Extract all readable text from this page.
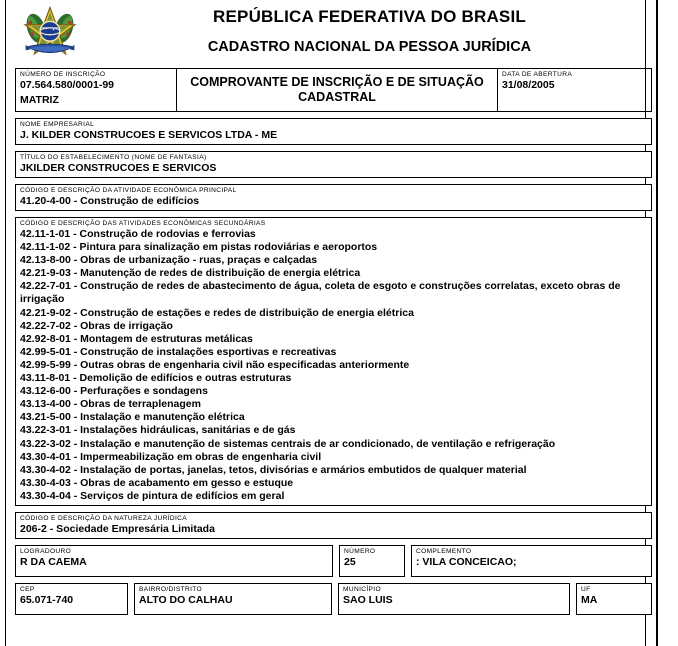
REPÚBLICA FEDERATIVA DO BRASIL
CADASTRO NACIONAL DA PESSOA JURÍDICA
NÚMERO DE INSCRIÇÃO
07.564.580/0001-99
MATRIZ
COMPROVANTE DE INSCRIÇÃO E DE SITUAÇÃO CADASTRAL
DATA DE ABERTURA
31/08/2005
NOME EMPRESARIAL
J. KILDER CONSTRUCOES E SERVICOS LTDA - ME
TÍTULO DO ESTABELECIMENTO (NOME DE FANTASIA)
JKILDER CONSTRUCOES E SERVICOS
CÓDIGO E DESCRIÇÃO DA ATIVIDADE ECONÔMICA PRINCIPAL
41.20-4-00 - Construção de edifícios
CÓDIGO E DESCRIÇÃO DAS ATIVIDADES ECONÔMICAS SECUNDÁRIAS
42.11-1-01 - Construção de rodovias e ferrovias
42.11-1-02 - Pintura para sinalização em pistas rodoviárias e aeroportos
42.13-8-00 - Obras de urbanização - ruas, praças e calçadas
42.21-9-03 - Manutenção de redes de distribuição de energia elétrica
42.22-7-01 - Construção de redes de abastecimento de água, coleta de esgoto e construções correlatas, exceto obras de irrigação
42.21-9-02 - Construção de estações e redes de distribuição de energia elétrica
42.22-7-02 - Obras de irrigação
42.92-8-01 - Montagem de estruturas metálicas
42.99-5-01 - Construção de instalações esportivas e recreativas
42.99-5-99 - Outras obras de engenharia civil não especificadas anteriormente
43.11-8-01 - Demolição de edifícios e outras estruturas
43.12-6-00 - Perfurações e sondagens
43.13-4-00 - Obras de terraplenagem
43.21-5-00 - Instalação e manutenção elétrica
43.22-3-01 - Instalações hidráulicas, sanitárias e de gás
43.22-3-02 - Instalação e manutenção de sistemas centrais de ar condicionado, de ventilação e refrigeração
43.30-4-01 - Impermeabilização em obras de engenharia civil
43.30-4-02 - Instalação de portas, janelas, tetos, divisórias e armários embutidos de qualquer material
43.30-4-03 - Obras de acabamento em gesso e estuque
43.30-4-04 - Serviços de pintura de edifícios em geral
CÓDIGO E DESCRIÇÃO DA NATUREZA JURÍDICA
206-2 - Sociedade Empresária Limitada
LOGRADOURO
R DA CAEMA
NÚMERO
25
COMPLEMENTO
: VILA CONCEICAO;
CEP
65.071-740
BAIRRO/DISTRITO
ALTO DO CALHAU
MUNICÍPIO
SAO LUIS
UF
MA
